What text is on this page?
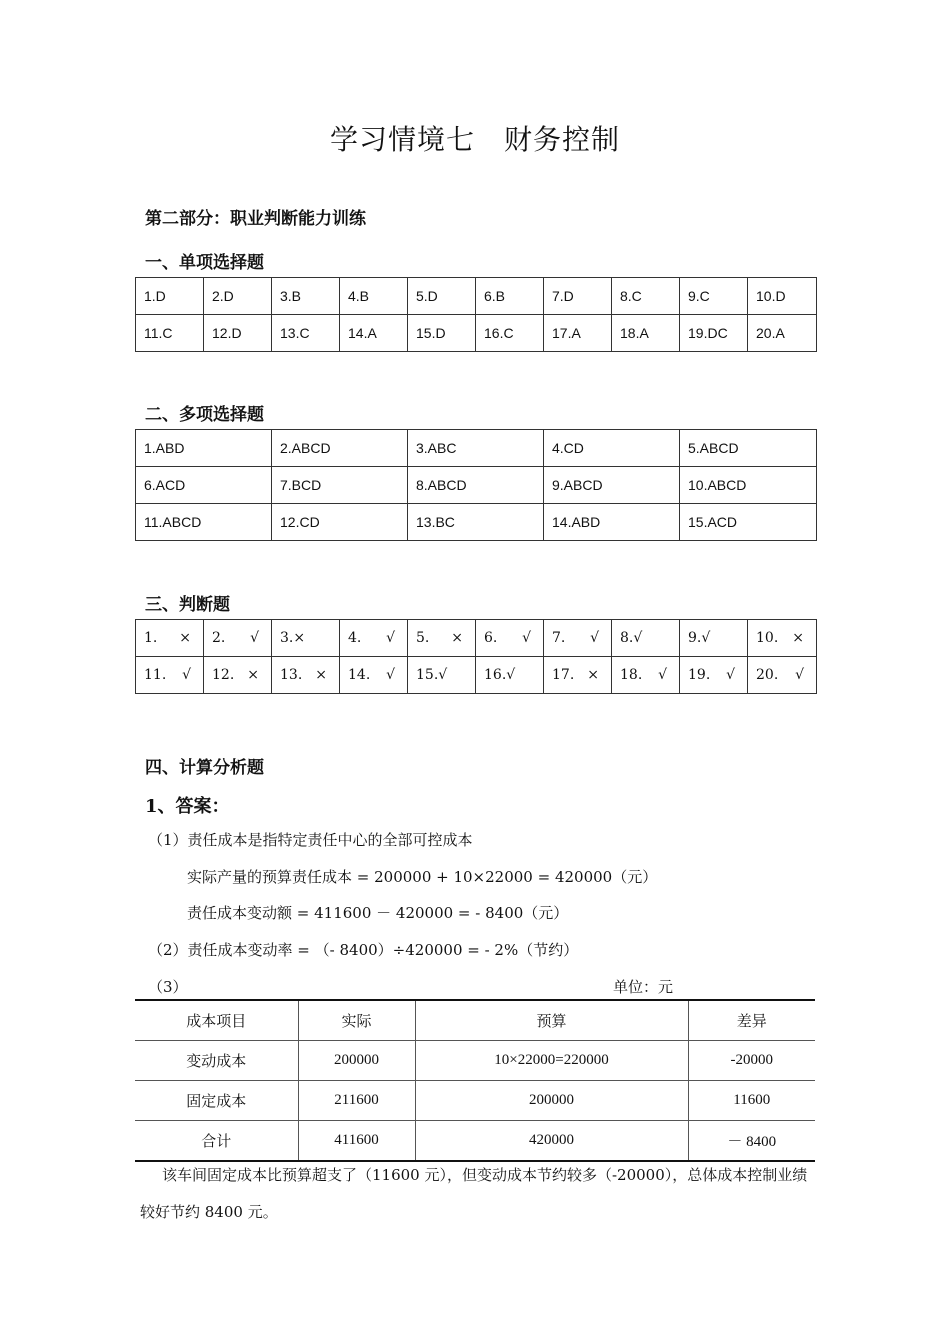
学习情境七　财务控制
第二部分：职业判断能力训练
一、单项选择题
1.D	2.D	3.B	4.B	5.D	6.B	7.D	8.C	9.C	10.D
11.C	12.D	13.C	14.A	15.D	16.C	17.A	18.A	19.DC	20.A
二、多项选择题
1.ABD	2.ABCD	3.ABC	4.CD	5.ABCD
6.ACD	7.BCD	8.ABCD	9.ABCD	10.ABCD
11.ABCD	12.CD	13.BC	14.ABD	15.ACD
三、判断题
1. ×	2. √	3.×	4. √	5. ×	6. √	7. √	8.√	9.√	10. ×

11. √	12. ×	13. ×	14. √	15.√	16.√	17. ×	18. √	19. √	20. √
四、计算分析题
1、答案：
（1）责任成本是指特定责任中心的全部可控成本
实际产量的预算责任成本 = 200000 + 10×22000 = 420000（元）
责任成本变动额 = 411600 － 420000 = - 8400（元）
（2）责任成本变动率 = （- 8400）÷420000 = - 2%（节约）
（3）	单位：元
成本项目	实际	预算	差异
变动成本	200000	10×22000=220000	-20000
固定成本	211600	200000	11600
合计	411600	420000	－ 8400
该车间固定成本比预算超支了（11600 元），但变动成本节约较多（-20000），总体成本控制业绩较好节约 8400 元。
